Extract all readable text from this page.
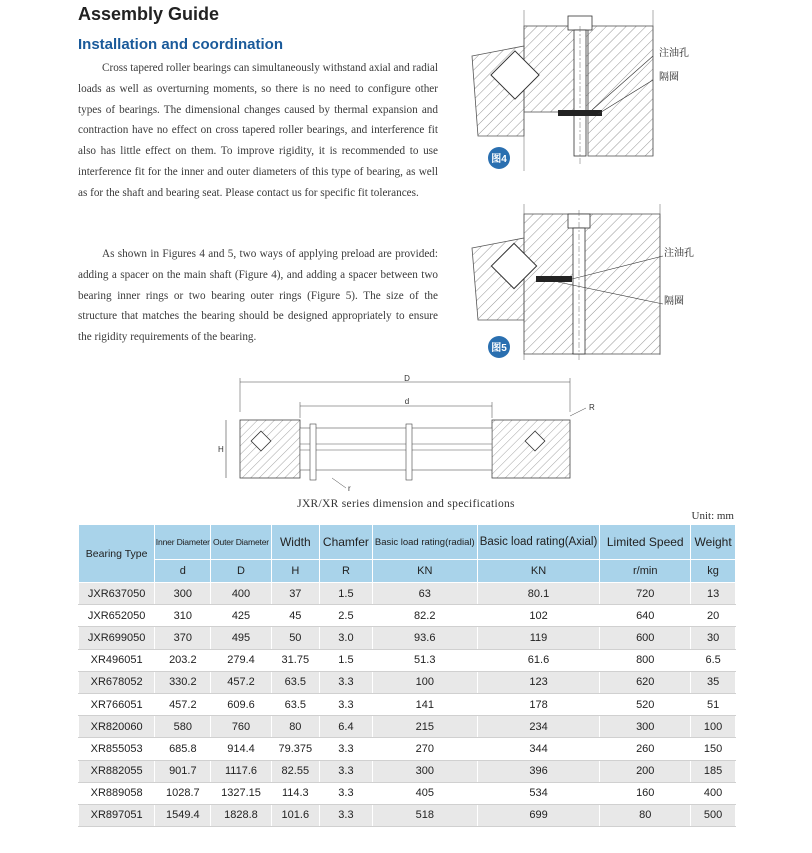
Assembly Guide
Installation and coordination
Cross tapered roller bearings can simultaneously withstand axial and radial loads as well as overturning moments, so there is no need to configure other types of bearings. The dimensional changes caused by thermal expansion and contraction have no effect on cross tapered roller bearings, and interference fit also has little effect on them. To improve rigidity, it is recommended to use interference fit for the inner and outer diameters of this type of bearing, as well as for the shaft and bearing seat. Please contact us for specific fit tolerances.
As shown in Figures 4 and 5, two ways of applying preload are provided: adding a spacer on the main shaft (Figure 4), and adding a spacer between two bearing inner rings or two bearing outer rings (Figure 5). The size of the structure that matches the bearing should be designed appropriately to ensure the rigidity requirements of the bearing.
图4
注油孔
隔圈
图5
注油孔
隔圈
D
d
H
R
r
JXR/XR series dimension and specifications
Unit: mm
Bearing Type	Inner Diameter	Outer Diameter	Width	Chamfer	Basic load rating(radial)	Basic load rating(Axial)	Limited Speed	Weight
	d	D	H	R	KN	KN	r/min	kg
JXR637050	300	400	37	1.5	63	80.1	720	13
JXR652050	310	425	45	2.5	82.2	102	640	20
JXR699050	370	495	50	3.0	93.6	119	600	30
XR496051	203.2	279.4	31.75	1.5	51.3	61.6	800	6.5
XR678052	330.2	457.2	63.5	3.3	100	123	620	35
XR766051	457.2	609.6	63.5	3.3	141	178	520	51
XR820060	580	760	80	6.4	215	234	300	100
XR855053	685.8	914.4	79.375	3.3	270	344	260	150
XR882055	901.7	1117.6	82.55	3.3	300	396	200	185
XR889058	1028.7	1327.15	114.3	3.3	405	534	160	400
XR897051	1549.4	1828.8	101.6	3.3	518	699	80	500
